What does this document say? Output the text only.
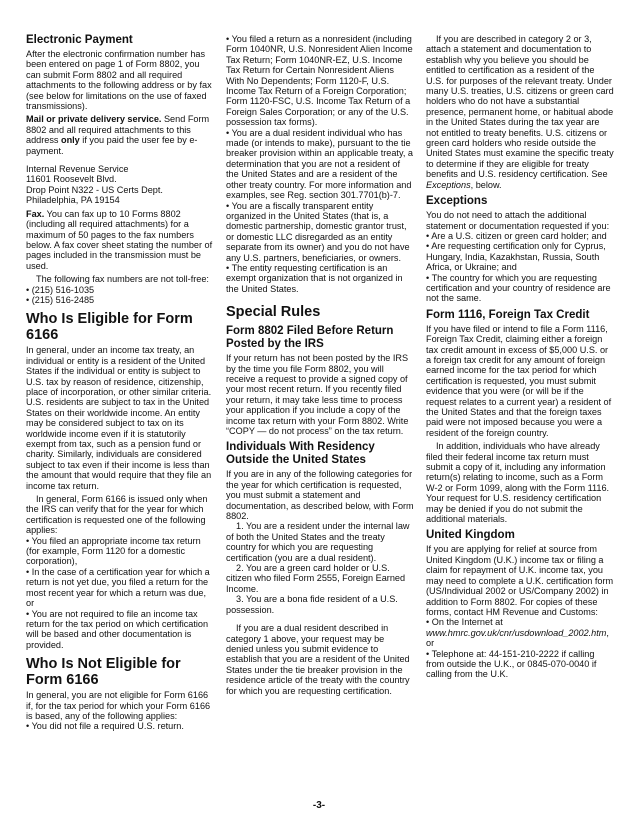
Electronic Payment

After the electronic confirmation number has been entered on page 1 of Form 8802, you can submit Form 8802 and all required attachments to the following address or by fax (see below for limitations on the use of faxed transmissions).

Mail or private delivery service. Send Form 8802 and all required attachments to this address only if you paid the user fee by e-payment.

Internal Revenue Service

11601 Roosevelt Blvd.

Drop Point N322 - US Certs Dept.

Philadelphia, PA 19154

Fax. You can fax up to 10 Forms 8802 (including all required attachments) for a maximum of 50 pages to the fax numbers below. A fax cover sheet stating the number of pages included in the transmission must be used.

The following fax numbers are not toll-free:

• (215) 516-1035

• (215) 516-2485

Who Is Eligible for Form 6166

In general, under an income tax treaty, an individual or entity is a resident of the United States if the individual or entity is subject to U.S. tax by reason of residence, citizenship, place of incorporation, or other similar criteria. U.S. residents are subject to tax in the United States on their worldwide income. An entity may be considered subject to tax on its worldwide income even if it is statutorily exempt from tax, such as a pension fund or charity. Similarly, individuals are considered subject to tax even if their income is less than the amount that would require that they file an income tax return.

In general, Form 6166 is issued only when the IRS can verify that for the year for which certification is requested one of the following applies:

• You filed an appropriate income tax return (for example, Form 1120 for a domestic corporation),

• In the case of a certification year for which a return is not yet due, you filed a return for the most recent year for which a return was due, or

• You are not required to file an income tax return for the tax period on which certification will be based and other documentation is provided.

Who Is Not Eligible for Form 6166

In general, you are not eligible for Form 6166 if, for the tax period for which your Form 6166 is based, any of the following applies:

• You did not file a required U.S. return.

• You filed a return as a nonresident (including Form 1040NR, U.S. Nonresident Alien Income Tax Return; Form 1040NR-EZ, U.S. Income Tax Return for Certain Nonresident Aliens With No Dependents; Form 1120-F, U.S. Income Tax Return of a Foreign Corporation; Form 1120-FSC, U.S. Income Tax Return of a Foreign Sales Corporation; or any of the U.S. possession tax forms).

• You are a dual resident individual who has made (or intends to make), pursuant to the tie breaker provision within an applicable treaty, a determination that you are not a resident of the United States and are a resident of the other treaty country. For more information and examples, see Reg. section 301.7701(b)-7.

• You are a fiscally transparent entity organized in the United States (that is, a domestic partnership, domestic grantor trust, or domestic LLC disregarded as an entity separate from its owner) and you do not have any U.S. partners, beneficiaries, or owners.

• The entity requesting certification is an exempt organization that is not organized in the United States.

Special Rules
Form 8802 Filed Before Return Posted by the IRS

If your return has not been posted by the IRS by the time you file Form 8802, you will receive a request to provide a signed copy of your most recent return. If you recently filed your return, it may take less time to process your application if you include a copy of the income tax return with your Form 8802. Write “COPY — do not process” on the tax return.

Individuals With Residency Outside the United States

If you are in any of the following categories for the year for which certification is requested, you must submit a statement and documentation, as described below, with Form 8802.

1. You are a resident under the internal law of both the United States and the treaty country for which you are requesting certification (you are a dual resident).

2. You are a green card holder or U.S. citizen who filed Form 2555, Foreign Earned Income.

3. You are a bona fide resident of a U.S. possession.

If you are a dual resident described in category 1 above, your request may be denied unless you submit evidence to establish that you are a resident of the United States under the tie breaker provision in the residence article of the treaty with the country for which you are requesting certification.

If you are described in category 2 or 3, attach a statement and documentation to establish why you believe you should be entitled to certification as a resident of the U.S. for purposes of the relevant treaty. Under many U.S. treaties, U.S. citizens or green card holders who do not have a substantial presence, permanent home, or habitual abode in the United States during the tax year are not entitled to treaty benefits. U.S. citizens or green card holders who reside outside the United States must examine the specific treaty to determine if they are eligible for treaty benefits and U.S. residency certification. See Exceptions, below.

Exceptions

You do not need to attach the additional statement or documentation requested if you:

• Are a U.S. citizen or green card holder; and

• Are requesting certification only for Cyprus, Hungary, India, Kazakhstan, Russia, South Africa, or Ukraine; and

• The country for which you are requesting certification and your country of residence are not the same.

Form 1116, Foreign Tax Credit

If you have filed or intend to file a Form 1116, Foreign Tax Credit, claiming either a foreign tax credit amount in excess of $5,000 U.S. or a foreign tax credit for any amount of foreign earned income for the tax period for which certification is requested, you must submit evidence that you were (or will be if the request relates to a current year) a resident of the United States and that the foreign taxes paid were not imposed because you were a resident of the foreign country.

In addition, individuals who have already filed their federal income tax return must submit a copy of it, including any information return(s) relating to income, such as a Form W-2 or Form 1099, along with the Form 1116. Your request for U.S. residency certification may be denied if you do not submit the additional materials.

United Kingdom

If you are applying for relief at source from United Kingdom (U.K.) income tax or filing a claim for repayment of U.K. income tax, you may need to complete a U.K. certification form (US/Individual 2002 or US/Company 2002) in addition to Form 8802. For copies of these forms, contact HM Revenue and Customs:

• On the Internet at www.hmrc.gov.uk/cnr/usdownload_2002.htm, or

• Telephone at: 44-151-210-2222 if calling from outside the U.K., or 0845-070-0040 if calling from the U.K.

-3-
